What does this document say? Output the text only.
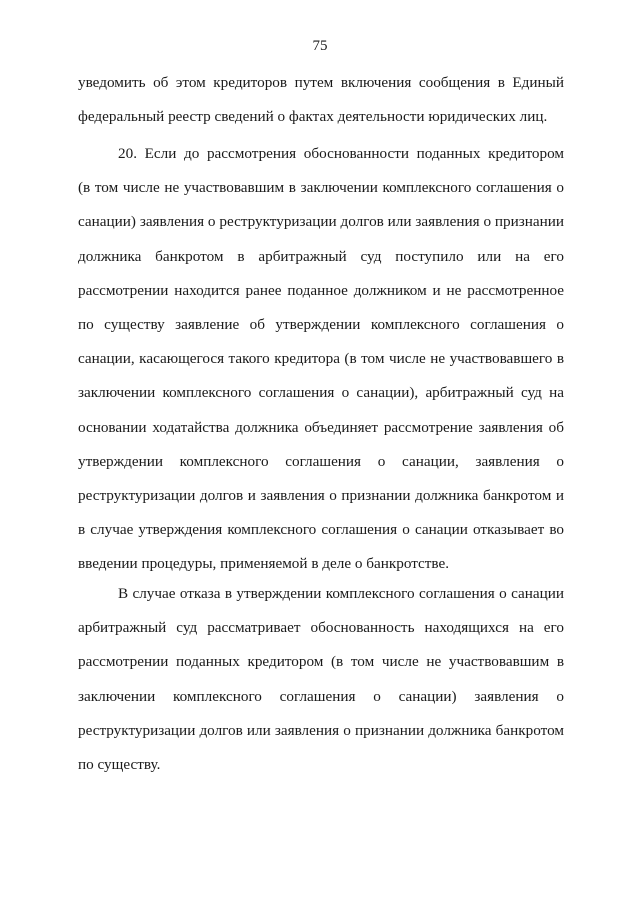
75
уведомить об этом кредиторов путем включения сообщения в Единый
федеральный реестр сведений о фактах деятельности юридических лиц.
20. Если до рассмотрения обоснованности поданных кредитором
(в том числе не участвовавшим в заключении комплексного соглашения о
санации) заявления о реструктуризации долгов или заявления о признании
должника банкротом в арбитражный суд поступило или на его
рассмотрении находится ранее поданное должником и не рассмотренное
по существу заявление об утверждении комплексного соглашения о
санации, касающегося такого кредитора (в том числе не участвовавшего в
заключении комплексного соглашения о санации), арбитражный суд на
основании ходатайства должника объединяет рассмотрение заявления об
утверждении комплексного соглашения о санации, заявления о
реструктуризации долгов и заявления о признании должника банкротом и
в случае утверждения комплексного соглашения о санации отказывает во
введении процедуры, применяемой в деле о банкротстве.
В случае отказа в утверждении комплексного соглашения о санации
арбитражный суд рассматривает обоснованность находящихся на его
рассмотрении поданных кредитором (в том числе не участвовавшим в
заключении комплексного соглашения о санации) заявления о
реструктуризации долгов или заявления о признании должника банкротом
по существу.
